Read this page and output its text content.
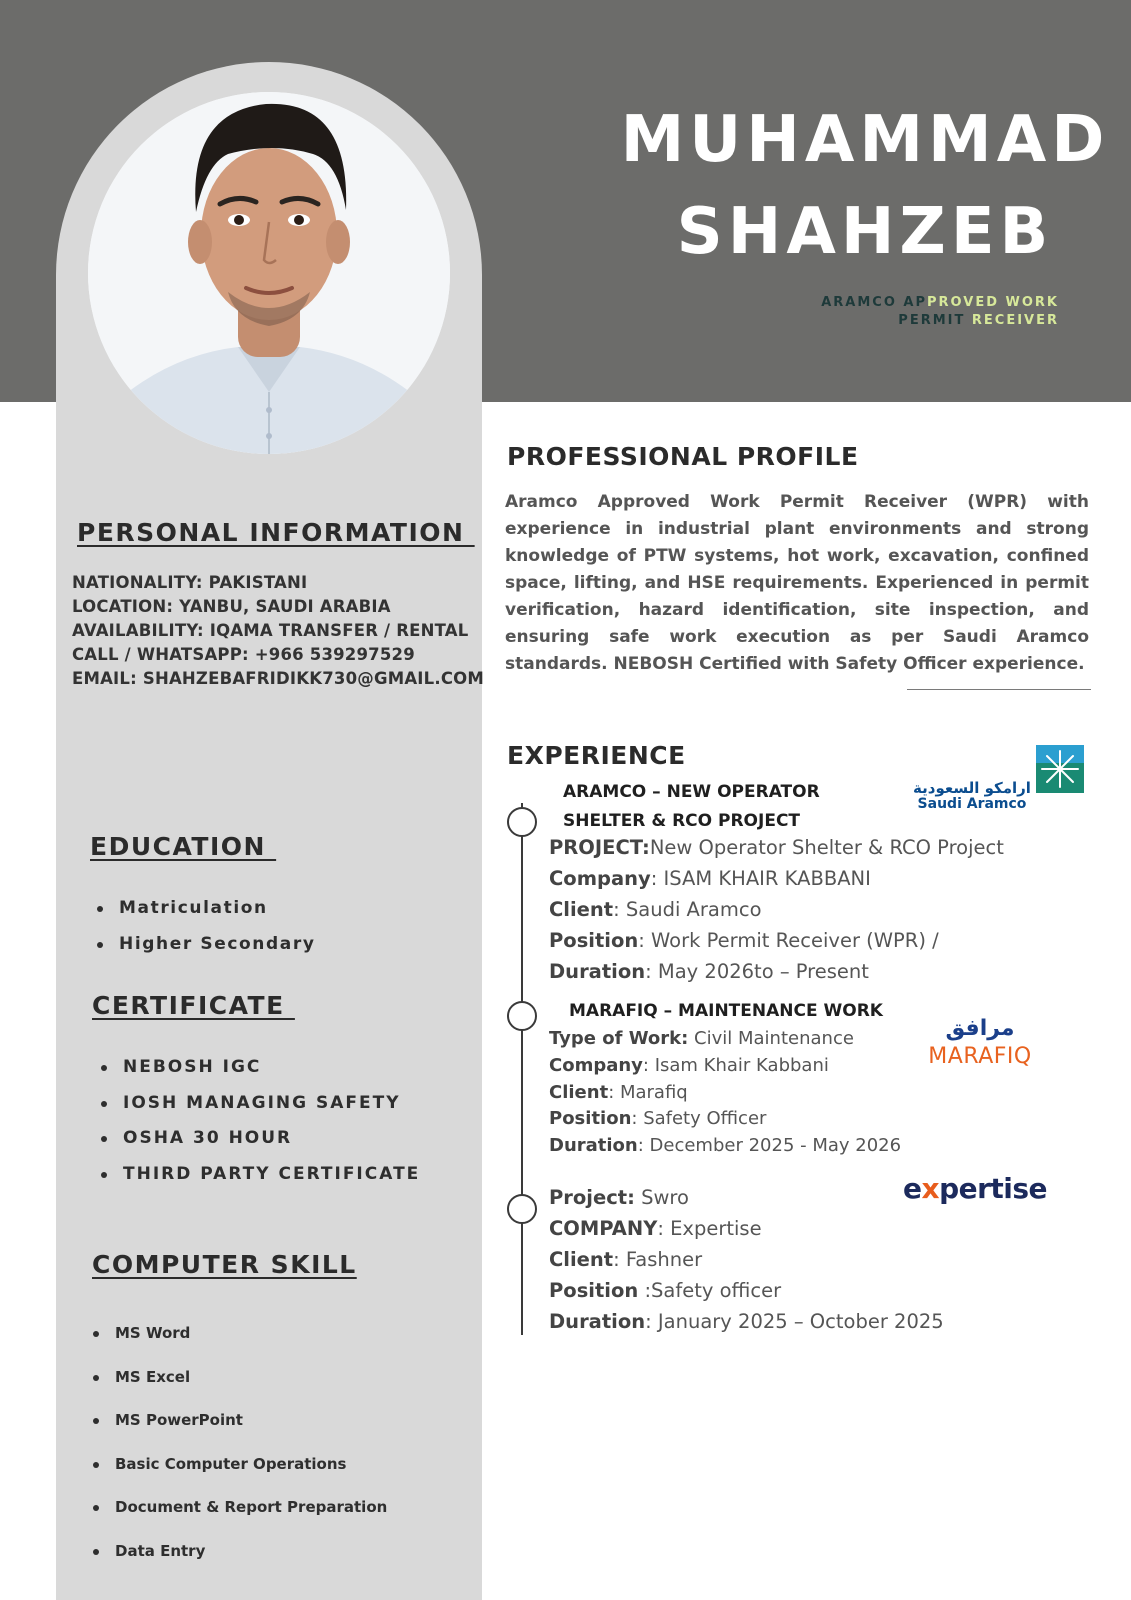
MUHAMMAD
SHAHZEB
ARAMCO APPROVED WORK
PERMIT RECEIVER
PERSONAL INFORMATION
NATIONALITY: PAKISTANI
LOCATION: YANBU, SAUDI ARABIA
AVAILABILITY: IQAMA TRANSFER / RENTAL
CALL / WHATSAPP: +966 539297529
EMAIL: SHAHZEBAFRIDIKK730@GMAIL.COM
EDUCATION
Matriculation
Higher Secondary
CERTIFICATE
NEBOSH IGC
IOSH MANAGING SAFETY
OSHA 30 HOUR
THIRD PARTY CERTIFICATE
COMPUTER SKILL
MS Word
MS Excel
MS PowerPoint
Basic Computer Operations
Document & Report Preparation
Data Entry
PROFESSIONAL PROFILE
Aramco Approved Work Permit Receiver (WPR) with experience in industrial plant environments and strong knowledge of PTW systems, hot work, excavation, confined space, lifting, and HSE requirements. Experienced in permit verification, hazard identification, site inspection, and ensuring safe work execution as per Saudi Aramco standards. NEBOSH Certified with Safety Officer experience.
EXPERIENCE
ARAMCO – NEW OPERATOR
SHELTER & RCO PROJECT
PROJECT:New Operator Shelter & RCO Project
Company: ISAM KHAIR KABBANI
Client: Saudi Aramco
Position: Work Permit Receiver (WPR) /
Duration: May 2026to – Present
MARAFIQ – MAINTENANCE WORK
Type of Work: Civil Maintenance
Company: Isam Khair Kabbani
Client: Marafiq
Position: Safety Officer
Duration: December 2025 - May 2026
Project: Swro
COMPANY: Expertise
Client: Fashner
Position :Safety officer
Duration: January 2025 – October 2025
ارامكو السعودية
Saudi Aramco
مرافق
MARAFIQ
expertise
